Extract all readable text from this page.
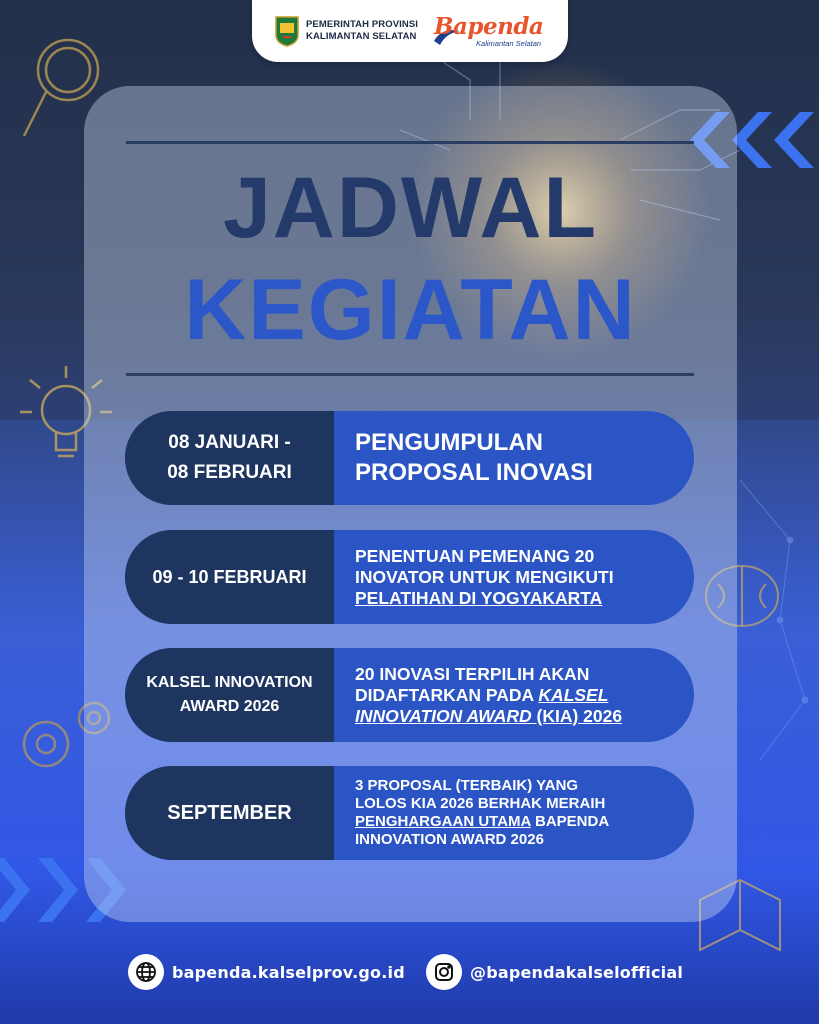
PEMERINTAH PROVINSI
KALIMANTAN SELATAN Bapenda
Kalimantan Selatan
JADWAL
KEGIATAN
08 JANUARI -
08 FEBRUARI
PENGUMPULAN
PROPOSAL INOVASI
09 - 10 FEBRUARI
PENENTUAN PEMENANG 20
INOVATOR UNTUK MENGIKUTI
PELATIHAN DI YOGYAKARTA
KALSEL INNOVATION
AWARD 2026
20 INOVASI TERPILIH AKAN
DIDAFTARKAN PADA KALSEL
INNOVATION AWARD (KIA) 2026
SEPTEMBER
3 PROPOSAL (TERBAIK) YANG
LOLOS KIA 2026 BERHAK MERAIH
PENGHARGAAN UTAMA BAPENDA
INNOVATION AWARD 2026
bapenda.kalselprov.go.id	@bapendakalselofficial
